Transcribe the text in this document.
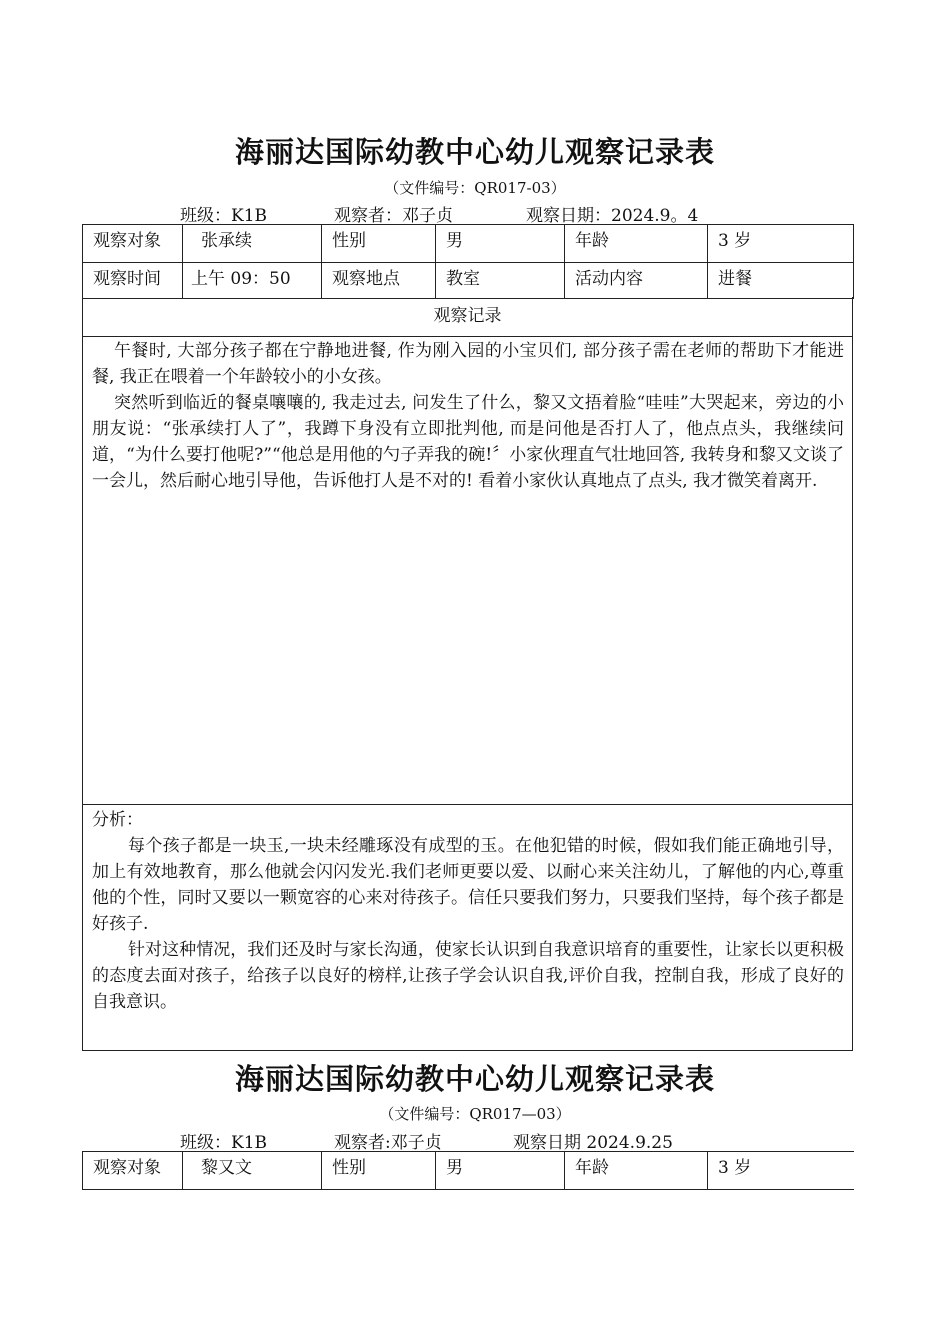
海丽达国际幼教中心幼儿观察记录表
（文件编号：QR017-03）
班级：K1B	观察者：邓子贞	观察日期：2024.9。4
观察对象	张承续	性别	男	年龄	3 岁
观察时间	上午 09：50	观察地点	教室	活动内容	进餐
观察记录

午餐时, 大部分孩子都在宁静地进餐, 作为刚入园的小宝贝们, 部分孩子需在老师的帮助下才能进餐, 我正在喂着一个年龄较小的小女孩。

突然听到临近的餐桌嚷嚷的, 我走过去, 问发生了什么，黎又文捂着脸“哇哇”大哭起来，旁边的小朋友说：“张承续打人了”，我蹲下身没有立即批判他, 而是问他是否打人了，他点点头，我继续问道，“为什么要打他呢?”“他总是用他的勺子弄我的碗!〞小家伙理直气壮地回答, 我转身和黎又文谈了一会儿，然后耐心地引导他，告诉他打人是不对的! 看着小家伙认真地点了点头, 我才微笑着离开.

分析：

每个孩子都是一块玉,一块未经雕琢没有成型的玉。在他犯错的时候，假如我们能正确地引导，加上有效地教育，那么他就会闪闪发光.我们老师更要以爱、以耐心来关注幼儿，了解他的内心,尊重他的个性，同时又要以一颗宽容的心来对待孩子。信任只要我们努力，只要我们坚持，每个孩子都是好孩子.

针对这种情况，我们还及时与家长沟通，使家长认识到自我意识培育的重要性，让家长以更积极的态度去面对孩子，给孩子以良好的榜样,让孩子学会认识自我,评价自我，控制自我，形成了良好的自我意识。

海丽达国际幼教中心幼儿观察记录表
（文件编号：QR017—03）
班级：K1B	观察者:邓子贞	观察日期 2024.9.25
观察对象	黎又文	性别	男	年龄	3 岁
